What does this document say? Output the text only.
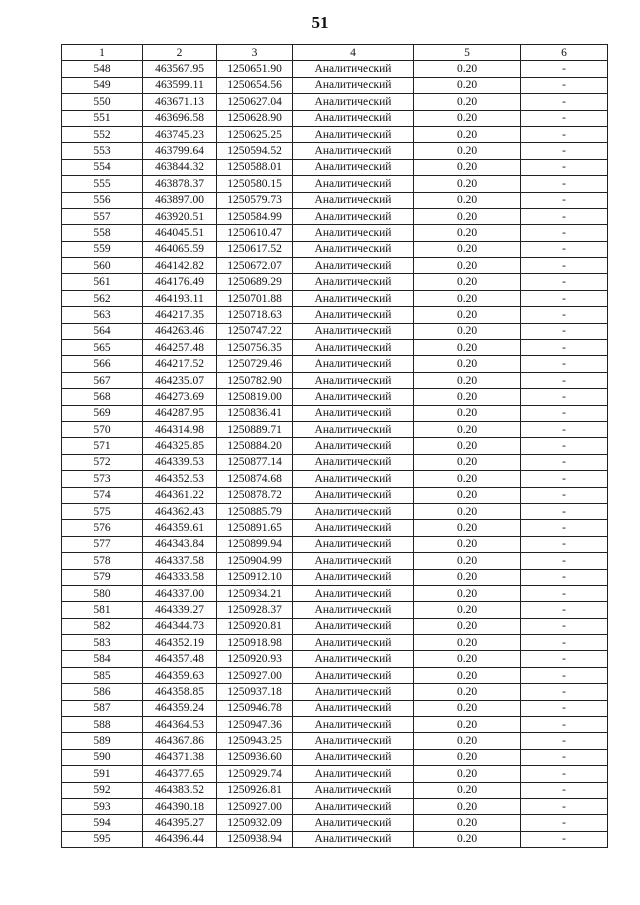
51
1	2	3	4	5	6
548	463567.95	1250651.90	Аналитический	0.20	-
549	463599.11	1250654.56	Аналитический	0.20	-
550	463671.13	1250627.04	Аналитический	0.20	-
551	463696.58	1250628.90	Аналитический	0.20	-
552	463745.23	1250625.25	Аналитический	0.20	-
553	463799.64	1250594.52	Аналитический	0.20	-
554	463844.32	1250588.01	Аналитический	0.20	-
555	463878.37	1250580.15	Аналитический	0.20	-
556	463897.00	1250579.73	Аналитический	0.20	-
557	463920.51	1250584.99	Аналитический	0.20	-
558	464045.51	1250610.47	Аналитический	0.20	-
559	464065.59	1250617.52	Аналитический	0.20	-
560	464142.82	1250672.07	Аналитический	0.20	-
561	464176.49	1250689.29	Аналитический	0.20	-
562	464193.11	1250701.88	Аналитический	0.20	-
563	464217.35	1250718.63	Аналитический	0.20	-
564	464263.46	1250747.22	Аналитический	0.20	-
565	464257.48	1250756.35	Аналитический	0.20	-
566	464217.52	1250729.46	Аналитический	0.20	-
567	464235.07	1250782.90	Аналитический	0.20	-
568	464273.69	1250819.00	Аналитический	0.20	-
569	464287.95	1250836.41	Аналитический	0.20	-
570	464314.98	1250889.71	Аналитический	0.20	-
571	464325.85	1250884.20	Аналитический	0.20	-
572	464339.53	1250877.14	Аналитический	0.20	-
573	464352.53	1250874.68	Аналитический	0.20	-
574	464361.22	1250878.72	Аналитический	0.20	-
575	464362.43	1250885.79	Аналитический	0.20	-
576	464359.61	1250891.65	Аналитический	0.20	-
577	464343.84	1250899.94	Аналитический	0.20	-
578	464337.58	1250904.99	Аналитический	0.20	-
579	464333.58	1250912.10	Аналитический	0.20	-
580	464337.00	1250934.21	Аналитический	0.20	-
581	464339.27	1250928.37	Аналитический	0.20	-
582	464344.73	1250920.81	Аналитический	0.20	-
583	464352.19	1250918.98	Аналитический	0.20	-
584	464357.48	1250920.93	Аналитический	0.20	-
585	464359.63	1250927.00	Аналитический	0.20	-
586	464358.85	1250937.18	Аналитический	0.20	-
587	464359.24	1250946.78	Аналитический	0.20	-
588	464364.53	1250947.36	Аналитический	0.20	-
589	464367.86	1250943.25	Аналитический	0.20	-
590	464371.38	1250936.60	Аналитический	0.20	-
591	464377.65	1250929.74	Аналитический	0.20	-
592	464383.52	1250926.81	Аналитический	0.20	-
593	464390.18	1250927.00	Аналитический	0.20	-
594	464395.27	1250932.09	Аналитический	0.20	-
595	464396.44	1250938.94	Аналитический	0.20	-
